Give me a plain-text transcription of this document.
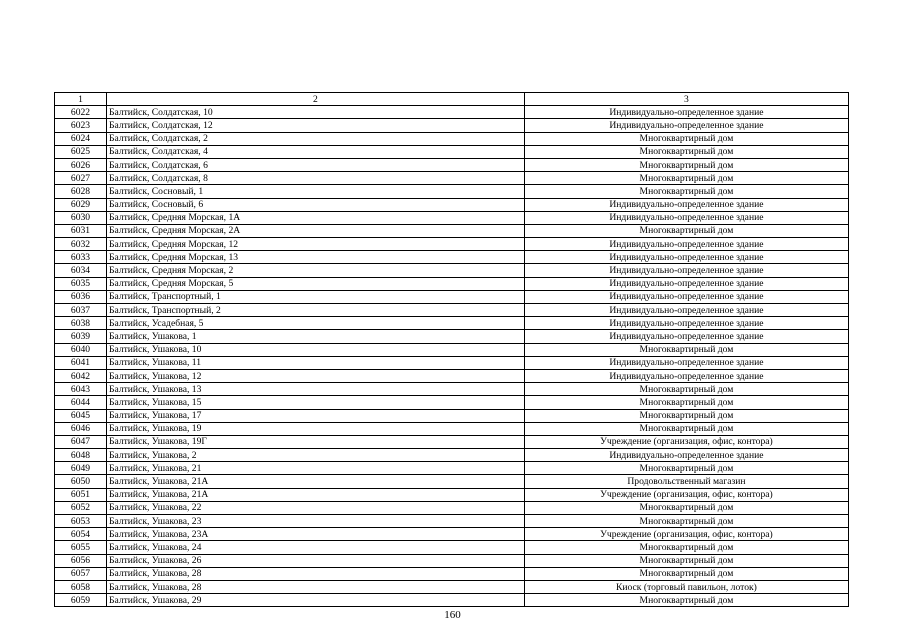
1	2	3
6022	Балтийск, Солдатская, 10	Индивидуально-определенное здание
6023	Балтийск, Солдатская, 12	Индивидуально-определенное здание
6024	Балтийск, Солдатская, 2	Многоквартирный дом
6025	Балтийск, Солдатская, 4	Многоквартирный дом
6026	Балтийск, Солдатская, 6	Многоквартирный дом
6027	Балтийск, Солдатская, 8	Многоквартирный дом
6028	Балтийск, Сосновый, 1	Многоквартирный дом
6029	Балтийск, Сосновый, 6	Индивидуально-определенное здание
6030	Балтийск, Средняя Морская, 1А	Индивидуально-определенное здание
6031	Балтийск, Средняя Морская, 2А	Многоквартирный дом
6032	Балтийск, Средняя Морская, 12	Индивидуально-определенное здание
6033	Балтийск, Средняя Морская, 13	Индивидуально-определенное здание
6034	Балтийск, Средняя Морская, 2	Индивидуально-определенное здание
6035	Балтийск, Средняя Морская, 5	Индивидуально-определенное здание
6036	Балтийск, Транспортный, 1	Индивидуально-определенное здание
6037	Балтийск, Транспортный, 2	Индивидуально-определенное здание
6038	Балтийск, Усадебная, 5	Индивидуально-определенное здание
6039	Балтийск, Ушакова, 1	Индивидуально-определенное здание
6040	Балтийск, Ушакова, 10	Многоквартирный дом
6041	Балтийск, Ушакова, 11	Индивидуально-определенное здание
6042	Балтийск, Ушакова, 12	Индивидуально-определенное здание
6043	Балтийск, Ушакова, 13	Многоквартирный дом
6044	Балтийск, Ушакова, 15	Многоквартирный дом
6045	Балтийск, Ушакова, 17	Многоквартирный дом
6046	Балтийск, Ушакова, 19	Многоквартирный дом
6047	Балтийск, Ушакова, 19Г	Учреждение (организация, офис, контора)
6048	Балтийск, Ушакова, 2	Индивидуально-определенное здание
6049	Балтийск, Ушакова, 21	Многоквартирный дом
6050	Балтийск, Ушакова, 21А	Продовольственный магазин
6051	Балтийск, Ушакова, 21А	Учреждение (организация, офис, контора)
6052	Балтийск, Ушакова, 22	Многоквартирный дом
6053	Балтийск, Ушакова, 23	Многоквартирный дом
6054	Балтийск, Ушакова, 23А	Учреждение (организация, офис, контора)
6055	Балтийск, Ушакова, 24	Многоквартирный дом
6056	Балтийск, Ушакова, 26	Многоквартирный дом
6057	Балтийск, Ушакова, 28	Многоквартирный дом
6058	Балтийск, Ушакова, 28	Киоск (торговый павильон, лоток)
6059	Балтийск, Ушакова, 29	Многоквартирный дом
160
